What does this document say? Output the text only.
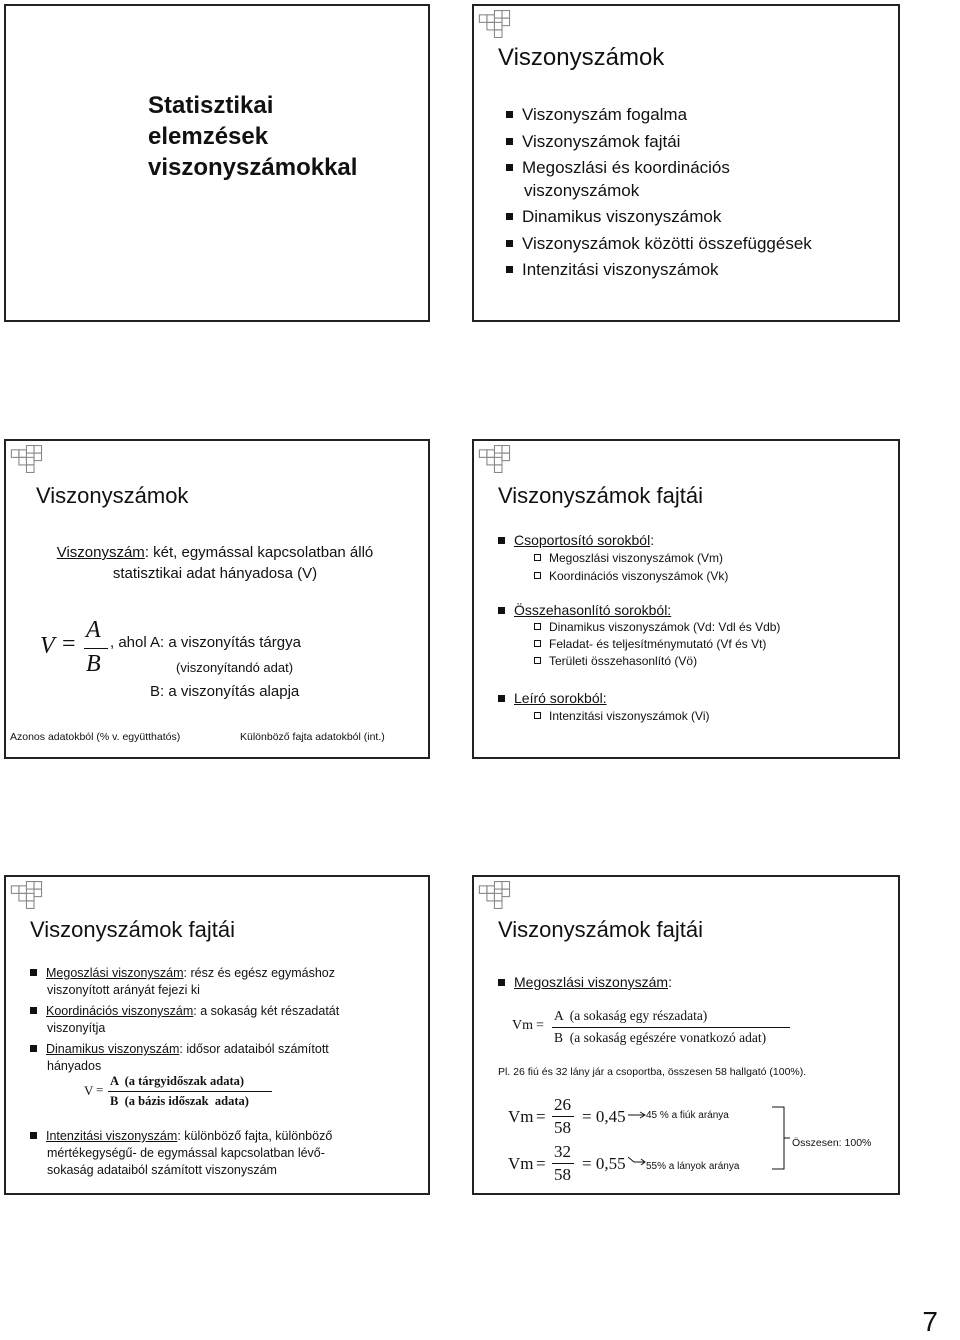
Statisztikai
elemzések
viszonyszámokkal
Viszonyszámok
Viszonyszám fogalma
Viszonyszámok fajtái
Megoszlási és koordinációs
viszonyszámok
Dinamikus viszonyszámok
Viszonyszámok közötti összefüggések
Intenzitási viszonyszámok
Viszonyszámok
Viszonyszám: két, egymással kapcsolatban álló
statisztikai adat hányadosa (V)
V =
A
B
, ahol A: a viszonyítás tárgya
(viszonyítandó adat)
B: a viszonyítás alapja
Azonos adatokból (% v. együtthatós)	Különböző fajta adatokból (int.)
Viszonyszámok fajtái
Csoportosító sorokból:
Megoszlási viszonyszámok (Vm)
Koordinációs viszonyszámok (Vk)
Összehasonlító sorokból:
Dinamikus viszonyszámok (Vd: Vdl és Vdb)
Feladat- és teljesítménymutató (Vf és Vt)
Területi összehasonlító (Vö)
Leíró sorokból:
Intenzitási viszonyszámok (Vi)
Viszonyszámok fajtái
Megoszlási viszonyszám: rész és egész egymáshoz
viszonyított arányát fejezi ki
Koordinációs viszonyszám: a sokaság két részadatát
viszonyítja
Dinamikus viszonyszám: idősor adataiból számított
hányados
V =
A  (a tárgyidőszak adata)
B  (a bázis időszak  adata)
Intenzitási viszonyszám: különböző fajta, különböző
mértékegységű- de egymással kapcsolatban lévő-
sokaság adataiból számított viszonyszám
Viszonyszámok fajtái
Megoszlási viszonyszám:
Vm =
A  (a sokaság egy részadata)
B  (a sokaság egészére vonatkozó adat)
Pl. 26 fiú és 32 lány jár a csoportba, összesen 58 hallgató (100%).
Vm =
26
58
= 0,45 45 % a fiúk aránya
Vm =
32
58
= 0,55 55% a lányok aránya
Összesen: 100%
7
